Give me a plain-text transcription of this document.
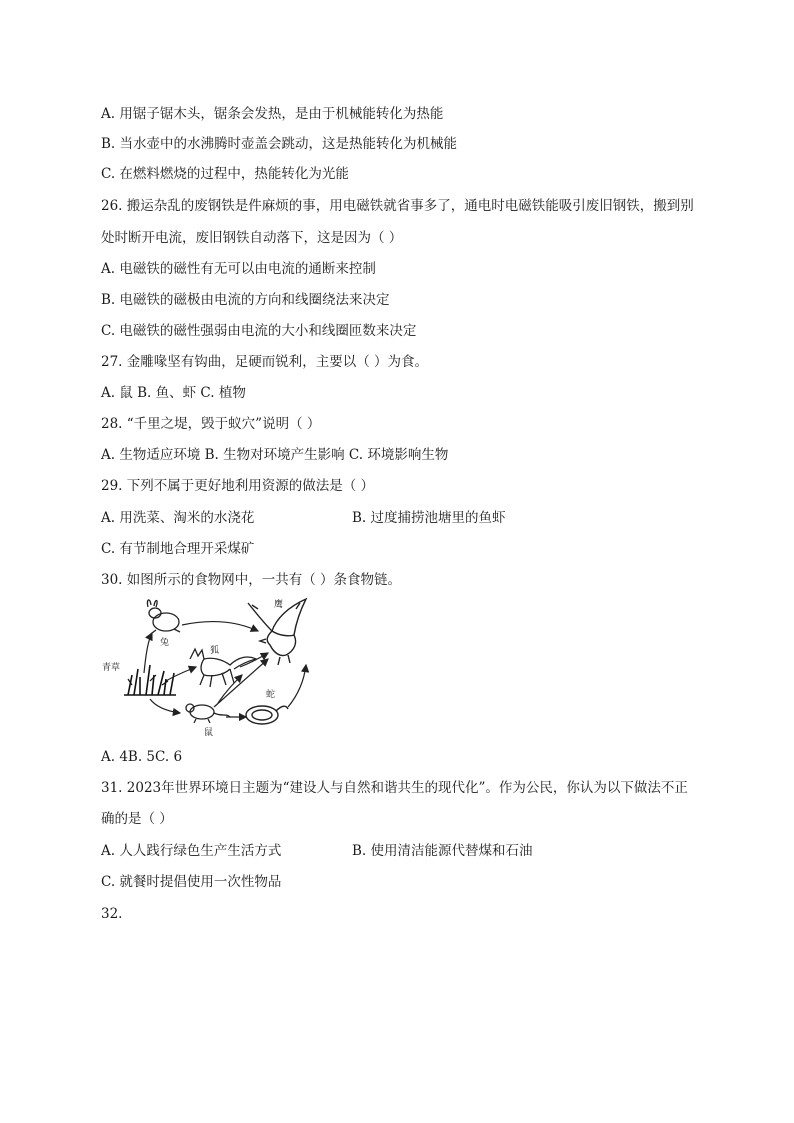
A. 用锯子锯木头，锯条会发热，是由于机械能转化为热能
B. 当水壶中的水沸腾时壶盖会跳动，这是热能转化为机械能
C. 在燃料燃烧的过程中，热能转化为光能
26. 搬运杂乱的废钢铁是件麻烦的事，用电磁铁就省事多了，通电时电磁铁能吸引废旧钢铁，搬到别
处时断开电流，废旧钢铁自动落下，这是因为（ ）
A. 电磁铁的磁性有无可以由电流的通断来控制
B. 电磁铁的磁极由电流的方向和线圈绕法来决定
C. 电磁铁的磁性强弱由电流的大小和线圈匝数来决定
27. 金雕喙坚有钩曲，足硬而锐利，主要以（ ）为食。
A. 鼠 B. 鱼、虾 C. 植物
28. “千里之堤，毁于蚁穴”说明（ ）
A. 生物适应环境 B. 生物对环境产生影响 C. 环境影响生物
29. 下列不属于更好地利用资源的做法是（ ）
A. 用洗菜、淘米的水浇花	B. 过度捕捞池塘里的鱼虾
C. 有节制地合理开采煤矿
30. 如图所示的食物网中，一共有（ ）条食物链。
兔
狐
鹰
青草
鼠
蛇
A. 4B. 5C. 6
31. 2023年世界环境日主题为“建设人与自然和谐共生的现代化”。作为公民，你认为以下做法不正
确的是（ ）
A. 人人践行绿色生产生活方式	B. 使用清洁能源代替煤和石油
C. 就餐时提倡使用一次性物品
32.
